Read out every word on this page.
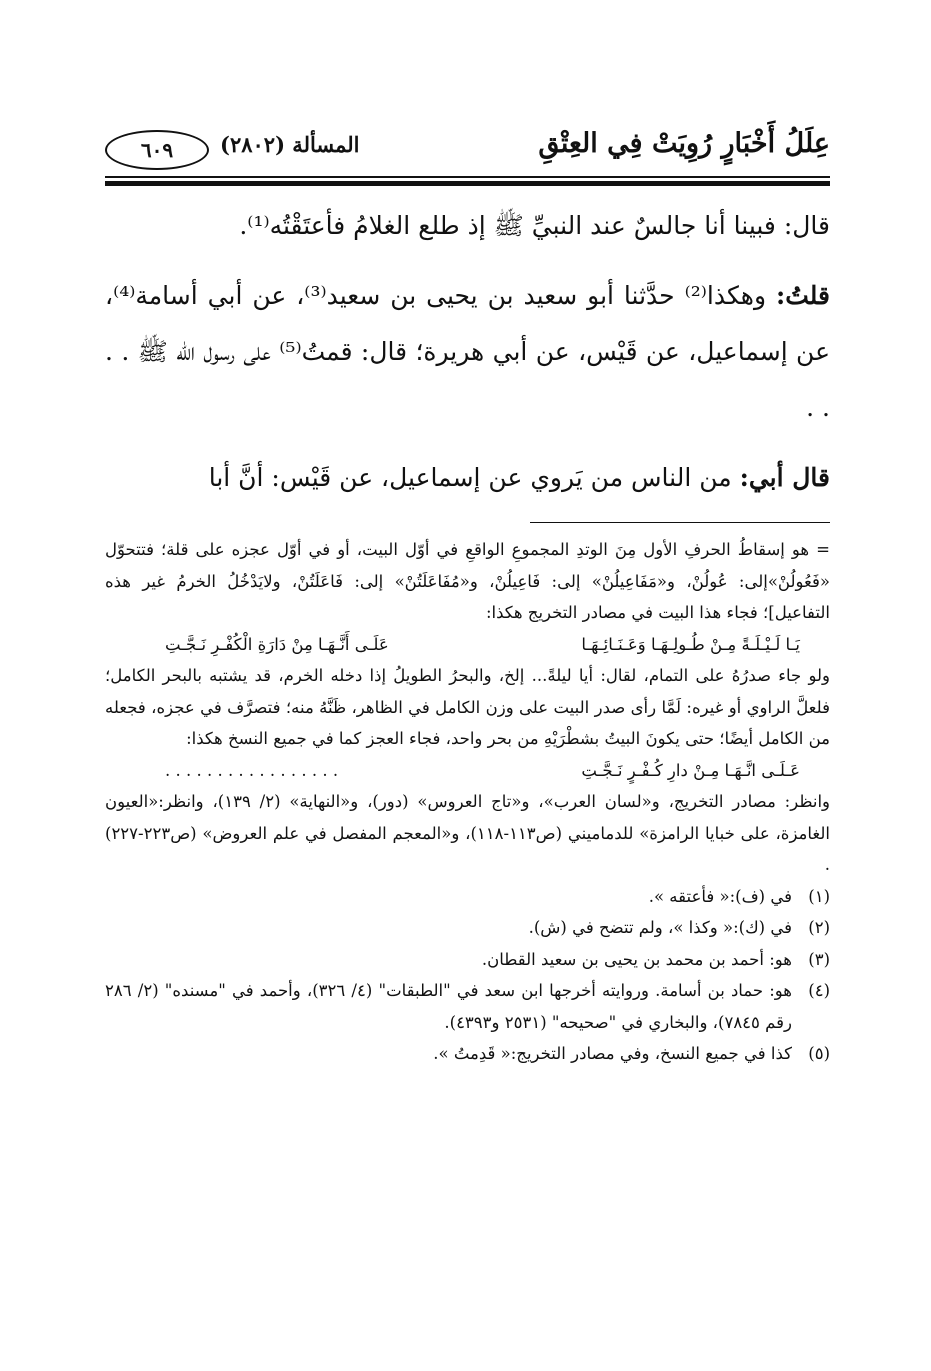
عِلَلُ أَخْبَارٍ رُوِيَتْ فِي العِتْقِ
المسألة (٢٨٠٢)
٦٠٩

قال: فبينا أنا جالسٌ عند النبيِّ ﷺ إذ طلع الغلامُ فأعتَقْتُه⁽¹⁾.

قلتُ: وهكذا⁽²⁾ حدَّثنا أبو سعيد بن يحيى بن سعيد⁽³⁾، عن أبي أسامة⁽⁴⁾، عن إسماعيل، عن قَيْس، عن أبي هريرة؛ قال: قمتُ⁽⁵⁾ على رسول الله ﷺ . . . .

قال أبي: من الناس من يَروي عن إسماعيل، عن قَيْس: أنَّ أبا

= هو إسقاطُ الحرفِ الأول مِنَ الوتدِ المجموعِ الواقعِ في أوّل البيت، أو في أوّل عجزه على قلة؛ فتتحوّل «فَعُولُنْ»إلى: عُولُنْ، و«مَفَاعِيلُنْ» إلى: فَاعِيلُنْ، و«مُفَاعَلَتُنْ» إلى: فَاعَلَتُنْ، ولايَدْخُلُ الخرمُ غير هذه التفاعيل]؛ فجاء هذا البيت في مصادر التخريج هكذا:

يَـا لَـيْـلَـةً مِـنْ طُـولِـهَـا وَعَـنَـائِـهَـا
عَلَـى أَنَّـهَـا مِنْ دَارَةِ الْكُفْـرِ نَـجَّـتِ

ولو جاء صدرُهُ على التمام، لقال: أيا ليلةً... إلخ، والبحرُ الطويلُ إذا دخله الخرم، قد يشتبه بالبحر الكامل؛ فلعلَّ الراوي أو غيره: لَمَّا رأى صدر البيت على وزن الكامل في الظاهر، ظَنَّهُ منه؛ فتصرَّف في عجزه، فجعله من الكامل أيضًا؛ حتى يكونَ البيتُ بشطْرَيْهِ من بحر واحد، فجاء العجز كما في جميع النسخ هكذا:

عَـلَـى انَّـهَـا مِـنْ دارِ كُـفْـرٍ نَـجَّـتِ
. . . . . . . . . . . . . . . . .

وانظر: مصادر التخريج، و«لسان العرب»، و«تاج العروس» (دور)، و«النهاية» (٢/ ١٣٩)، وانظر:«العيون الغامزة، على خبايا الرامزة» للدماميني (ص١١٣-١١٨)، و«المعجم المفصل في علم العروض» (ص٢٢٣-٢٢٧) .

(١)
في (ف):« فأعتقه ».
(٢)
في (ك):« وكذا »، ولم تتضح في (ش).
(٣)
هو: أحمد بن محمد بن يحيى بن سعيد القطان.
(٤)
هو: حماد بن أسامة. وروايته أخرجها ابن سعد في "الطبقات" (٤/ ٣٢٦)، وأحمد في "مسنده" (٢/ ٢٨٦ رقم ٧٨٤٥)، والبخاري في "صحيحه" (٢٥٣١ و٤٣٩٣).
(٥)
كذا في جميع النسخ، وفي مصادر التخريج:« قَدِمتُ ».
